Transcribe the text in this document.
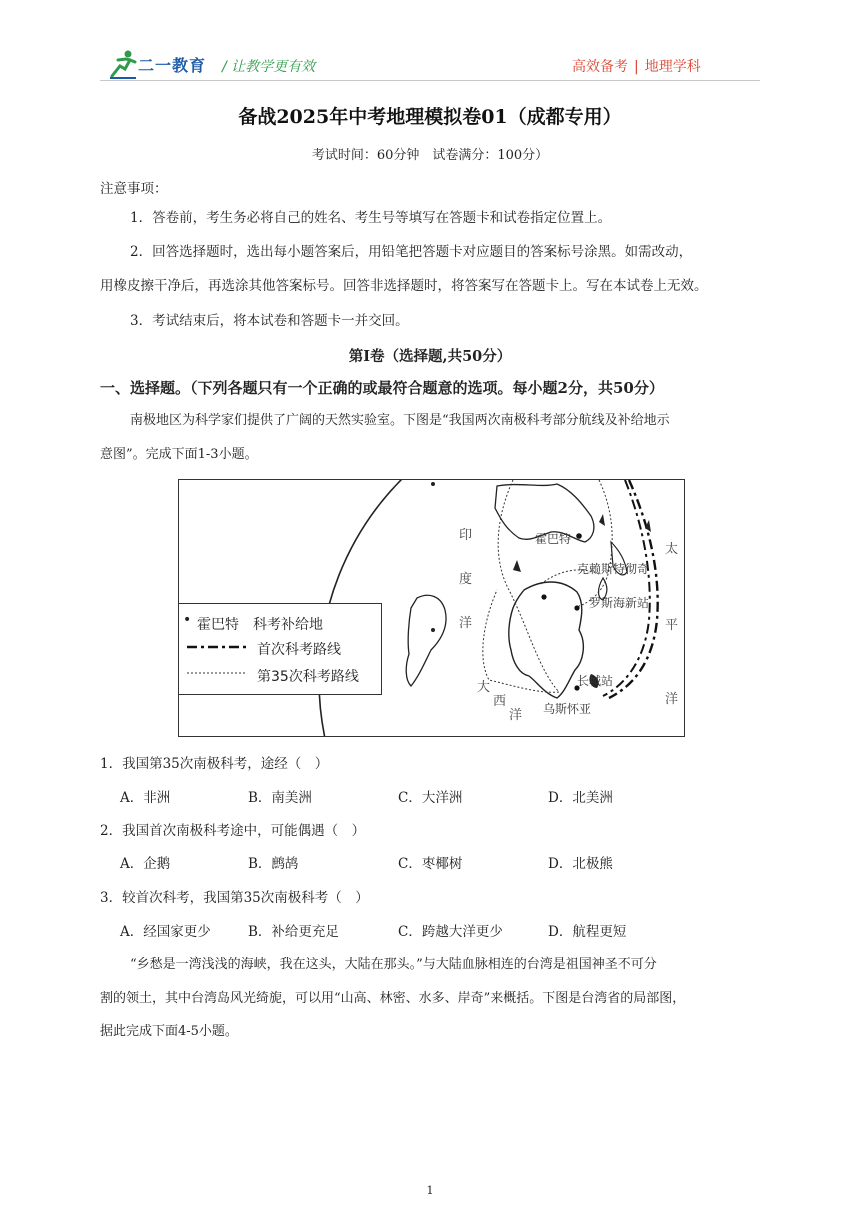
二一教育 / 让教学更有效	高效备考 | 地理学科
备战2025年中考地理模拟卷01（成都专用）
考试时间：60分钟　试卷满分：100分）
注意事项：
1．答卷前，考生务必将自己的姓名、考生号等填写在答题卡和试卷指定位置上。
2．回答选择题时，选出每小题答案后，用铅笔把答题卡对应题目的答案标号涂黑。如需改动，
用橡皮擦干净后，再选涂其他答案标号。回答非选择题时，将答案写在答题卡上。写在本试卷上无效。
3．考试结束后，将本试卷和答题卡一并交回。
第Ⅰ卷（选择题,共50分）
一、选择题。（下列各题只有一个正确的或最符合题意的选项。每小题2分，共50分）
南极地区为科学家们提供了广阔的天然实验室。下图是“我国两次南极科考部分航线及补给地示
意图”。完成下面1-3小题。
印
度
洋
太
平
洋
大
西
洋
霍巴特
克赖斯特彻奇
罗斯海新站
长城站
乌斯怀亚
• 霍巴特　科考补给地
首次科考路线
第35次科考路线
1．我国第35次南极科考，途经（　）
A．非洲	B．南美洲	C．大洋洲	D．北美洲
2．我国首次南极科考途中，可能偶遇（　）
A．企鹅	B．鹧鸪	C．枣椰树	D．北极熊
3．较首次科考，我国第35次南极科考（　）
A．经国家更少	B．补给更充足	C．跨越大洋更少	D．航程更短
“乡愁是一湾浅浅的海峡，我在这头，大陆在那头。”与大陆血脉相连的台湾是祖国神圣不可分
割的领土，其中台湾岛风光绮旎，可以用“山高、林密、水多、岸奇”来概括。下图是台湾省的局部图，
据此完成下面4-5小题。
1
